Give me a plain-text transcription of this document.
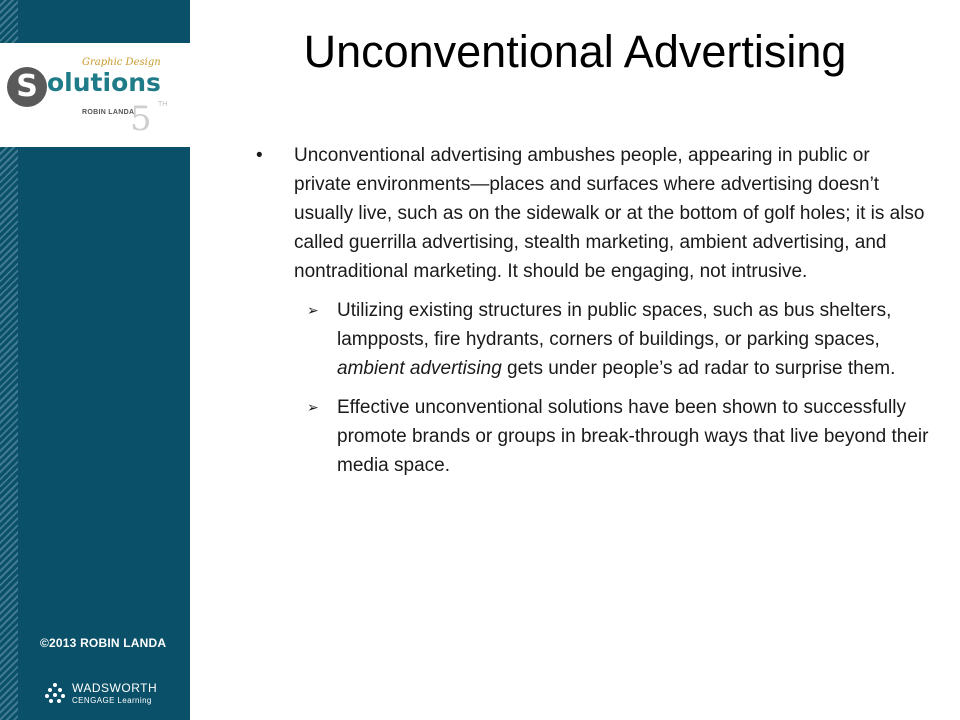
Graphic Design
S olutions
ROBIN LANDA
5 TH
©2013 ROBIN LANDA
WADSWORTH
CENGAGE Learning
Unconventional Advertising
• Unconventional advertising ambushes people, appearing in public or private environments—places and surfaces where advertising doesn’t usually live, such as on the sidewalk or at the bottom of golf holes; it is also called guerrilla advertising, stealth marketing, ambient advertising, and nontraditional marketing. It should be engaging, not intrusive.
➢ Utilizing existing structures in public spaces, such as bus shelters, lampposts, fire hydrants, corners of buildings, or parking spaces, ambient advertising gets under people’s ad radar to surprise them.
➢ Effective unconventional solutions have been shown to successfully promote brands or groups in break-through ways that live beyond their media space.
